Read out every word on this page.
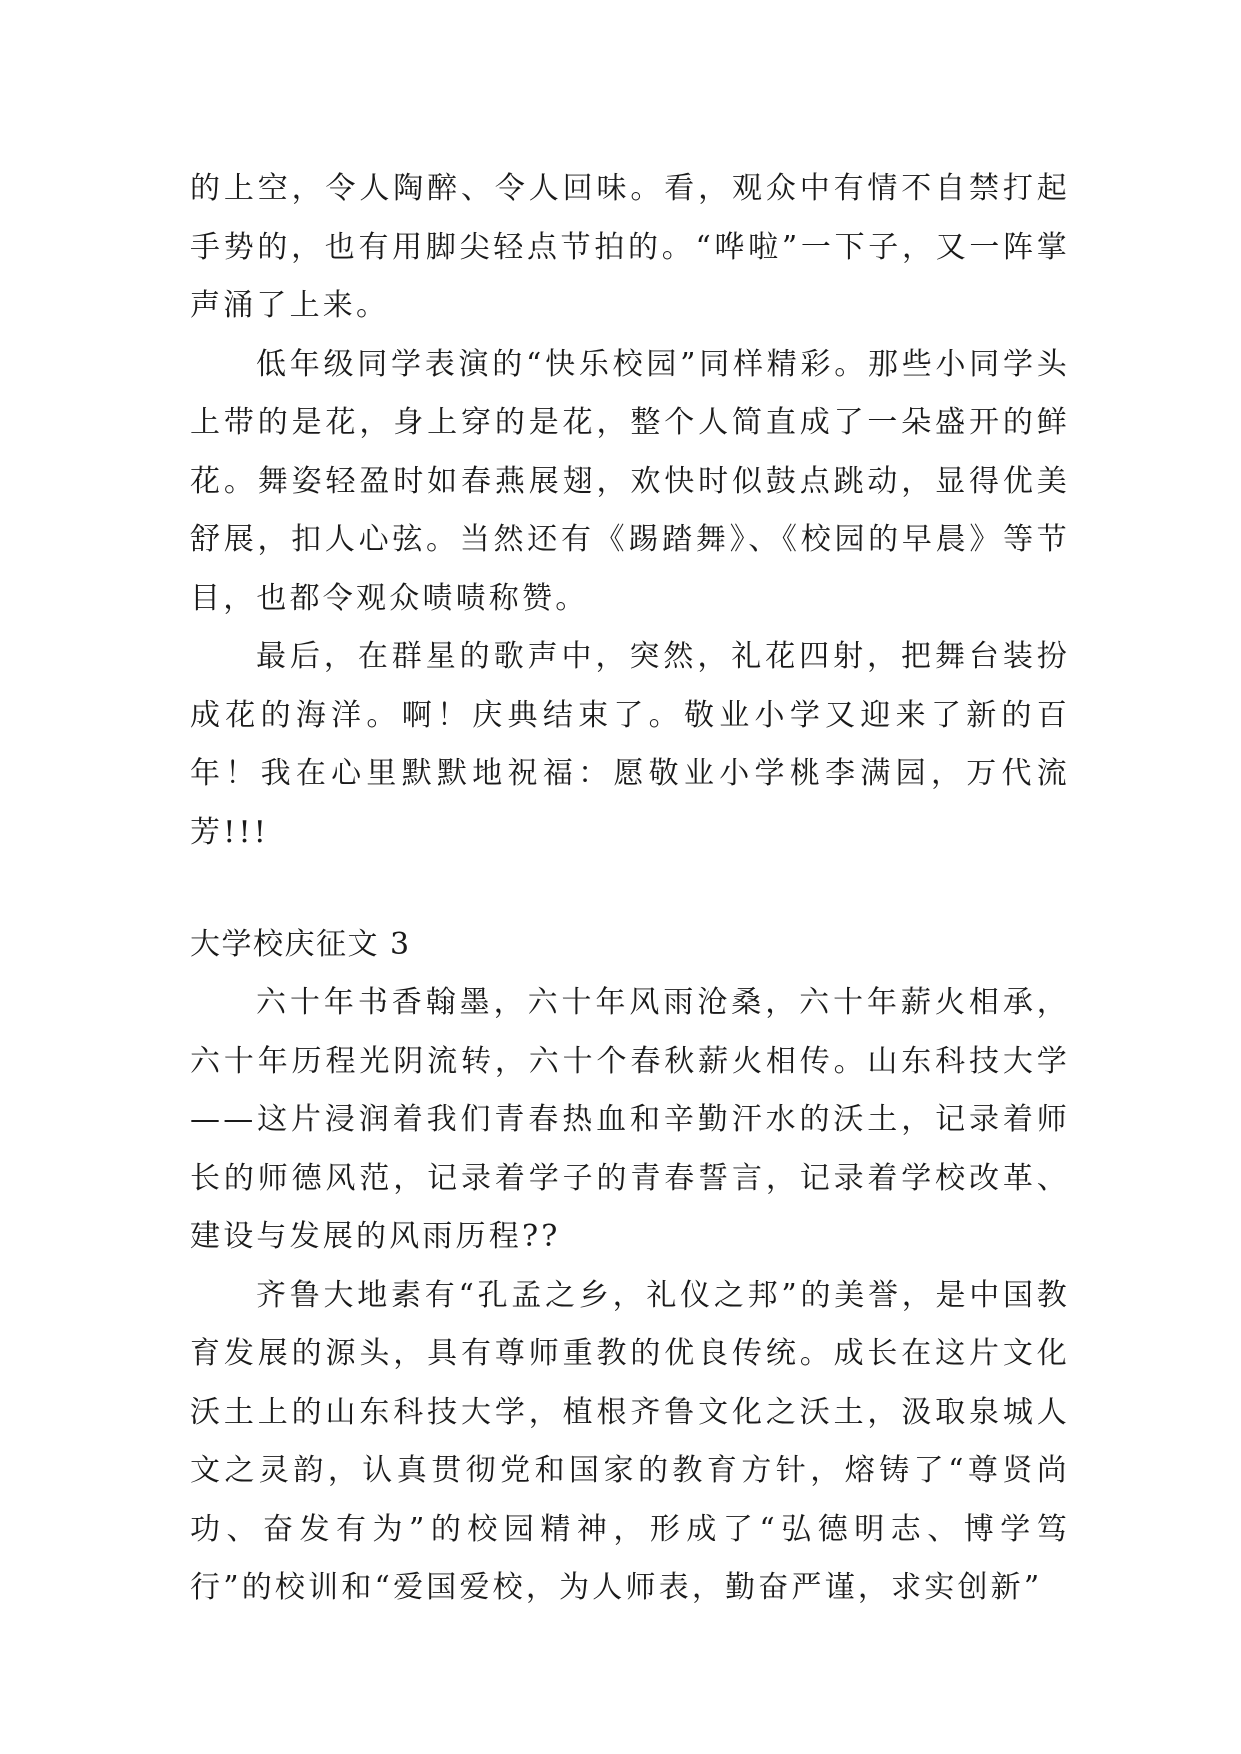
的上空，令人陶醉、令人回味。看，观众中有情不自禁打起手势的，也有用脚尖轻点节拍的。“哗啦”一下子，又一阵掌声涌了上来。

低年级同学表演的“快乐校园”同样精彩。那些小同学头上带的是花，身上穿的是花，整个人简直成了一朵盛开的鲜花。舞姿轻盈时如春燕展翅，欢快时似鼓点跳动，显得优美舒展，扣人心弦。当然还有《踢踏舞》、《校园的早晨》等节目，也都令观众啧啧称赞。

最后，在群星的歌声中，突然，礼花四射，把舞台装扮成花的海洋。啊！庆典结束了。敬业小学又迎来了新的百年！我在心里默默地祝福：愿敬业小学桃李满园，万代流芳!!!

大学校庆征文 3

六十年书香翰墨，六十年风雨沧桑，六十年薪火相承，六十年历程光阴流转，六十个春秋薪火相传。山东科技大学——这片浸润着我们青春热血和辛勤汗水的沃土，记录着师长的师德风范，记录着学子的青春誓言，记录着学校改革、建设与发展的风雨历程??

齐鲁大地素有“孔孟之乡，礼仪之邦”的美誉，是中国教育发展的源头，具有尊师重教的优良传统。成长在这片文化沃土上的山东科技大学，植根齐鲁文化之沃土，汲取泉城人文之灵韵，认真贯彻党和国家的教育方针，熔铸了“尊贤尚功、奋发有为”的校园精神，形成了“弘德明志、博学笃行”的校训和“爱国爱校，为人师表，勤奋严谨，求实创新”
